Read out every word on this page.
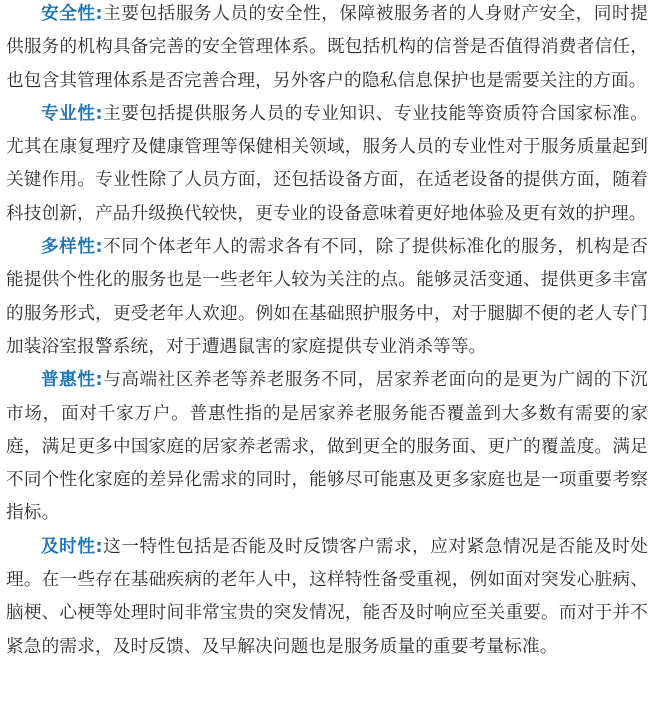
安全性:主要包括服务人员的安全性，保障被服务者的人身财产安全，同时提供服务的机构具备完善的安全管理体系。既包括机构的信誉是否值得消费者信任，也包含其管理体系是否完善合理，另外客户的隐私信息保护也是需要关注的方面。

专业性:主要包括提供服务人员的专业知识、专业技能等资质符合国家标准。尤其在康复理疗及健康管理等保健相关领域，服务人员的专业性对于服务质量起到关键作用。专业性除了人员方面，还包括设备方面，在适老设备的提供方面，随着科技创新，产品升级换代较快，更专业的设备意味着更好地体验及更有效的护理。

多样性:不同个体老年人的需求各有不同，除了提供标准化的服务，机构是否能提供个性化的服务也是一些老年人较为关注的点。能够灵活变通、提供更多丰富的服务形式，更受老年人欢迎。例如在基础照护服务中，对于腿脚不便的老人专门加装浴室报警系统，对于遭遇鼠害的家庭提供专业消杀等等。

普惠性:与高端社区养老等养老服务不同，居家养老面向的是更为广阔的下沉市场，面对千家万户。普惠性指的是居家养老服务能否覆盖到大多数有需要的家庭，满足更多中国家庭的居家养老需求，做到更全的服务面、更广的覆盖度。满足不同个性化家庭的差异化需求的同时，能够尽可能惠及更多家庭也是一项重要考察指标。

及时性:这一特性包括是否能及时反馈客户需求，应对紧急情况是否能及时处理。在一些存在基础疾病的老年人中，这样特性备受重视，例如面对突发心脏病、脑梗、心梗等处理时间非常宝贵的突发情况，能否及时响应至关重要。而对于并不紧急的需求，及时反馈、及早解决问题也是服务质量的重要考量标准。
